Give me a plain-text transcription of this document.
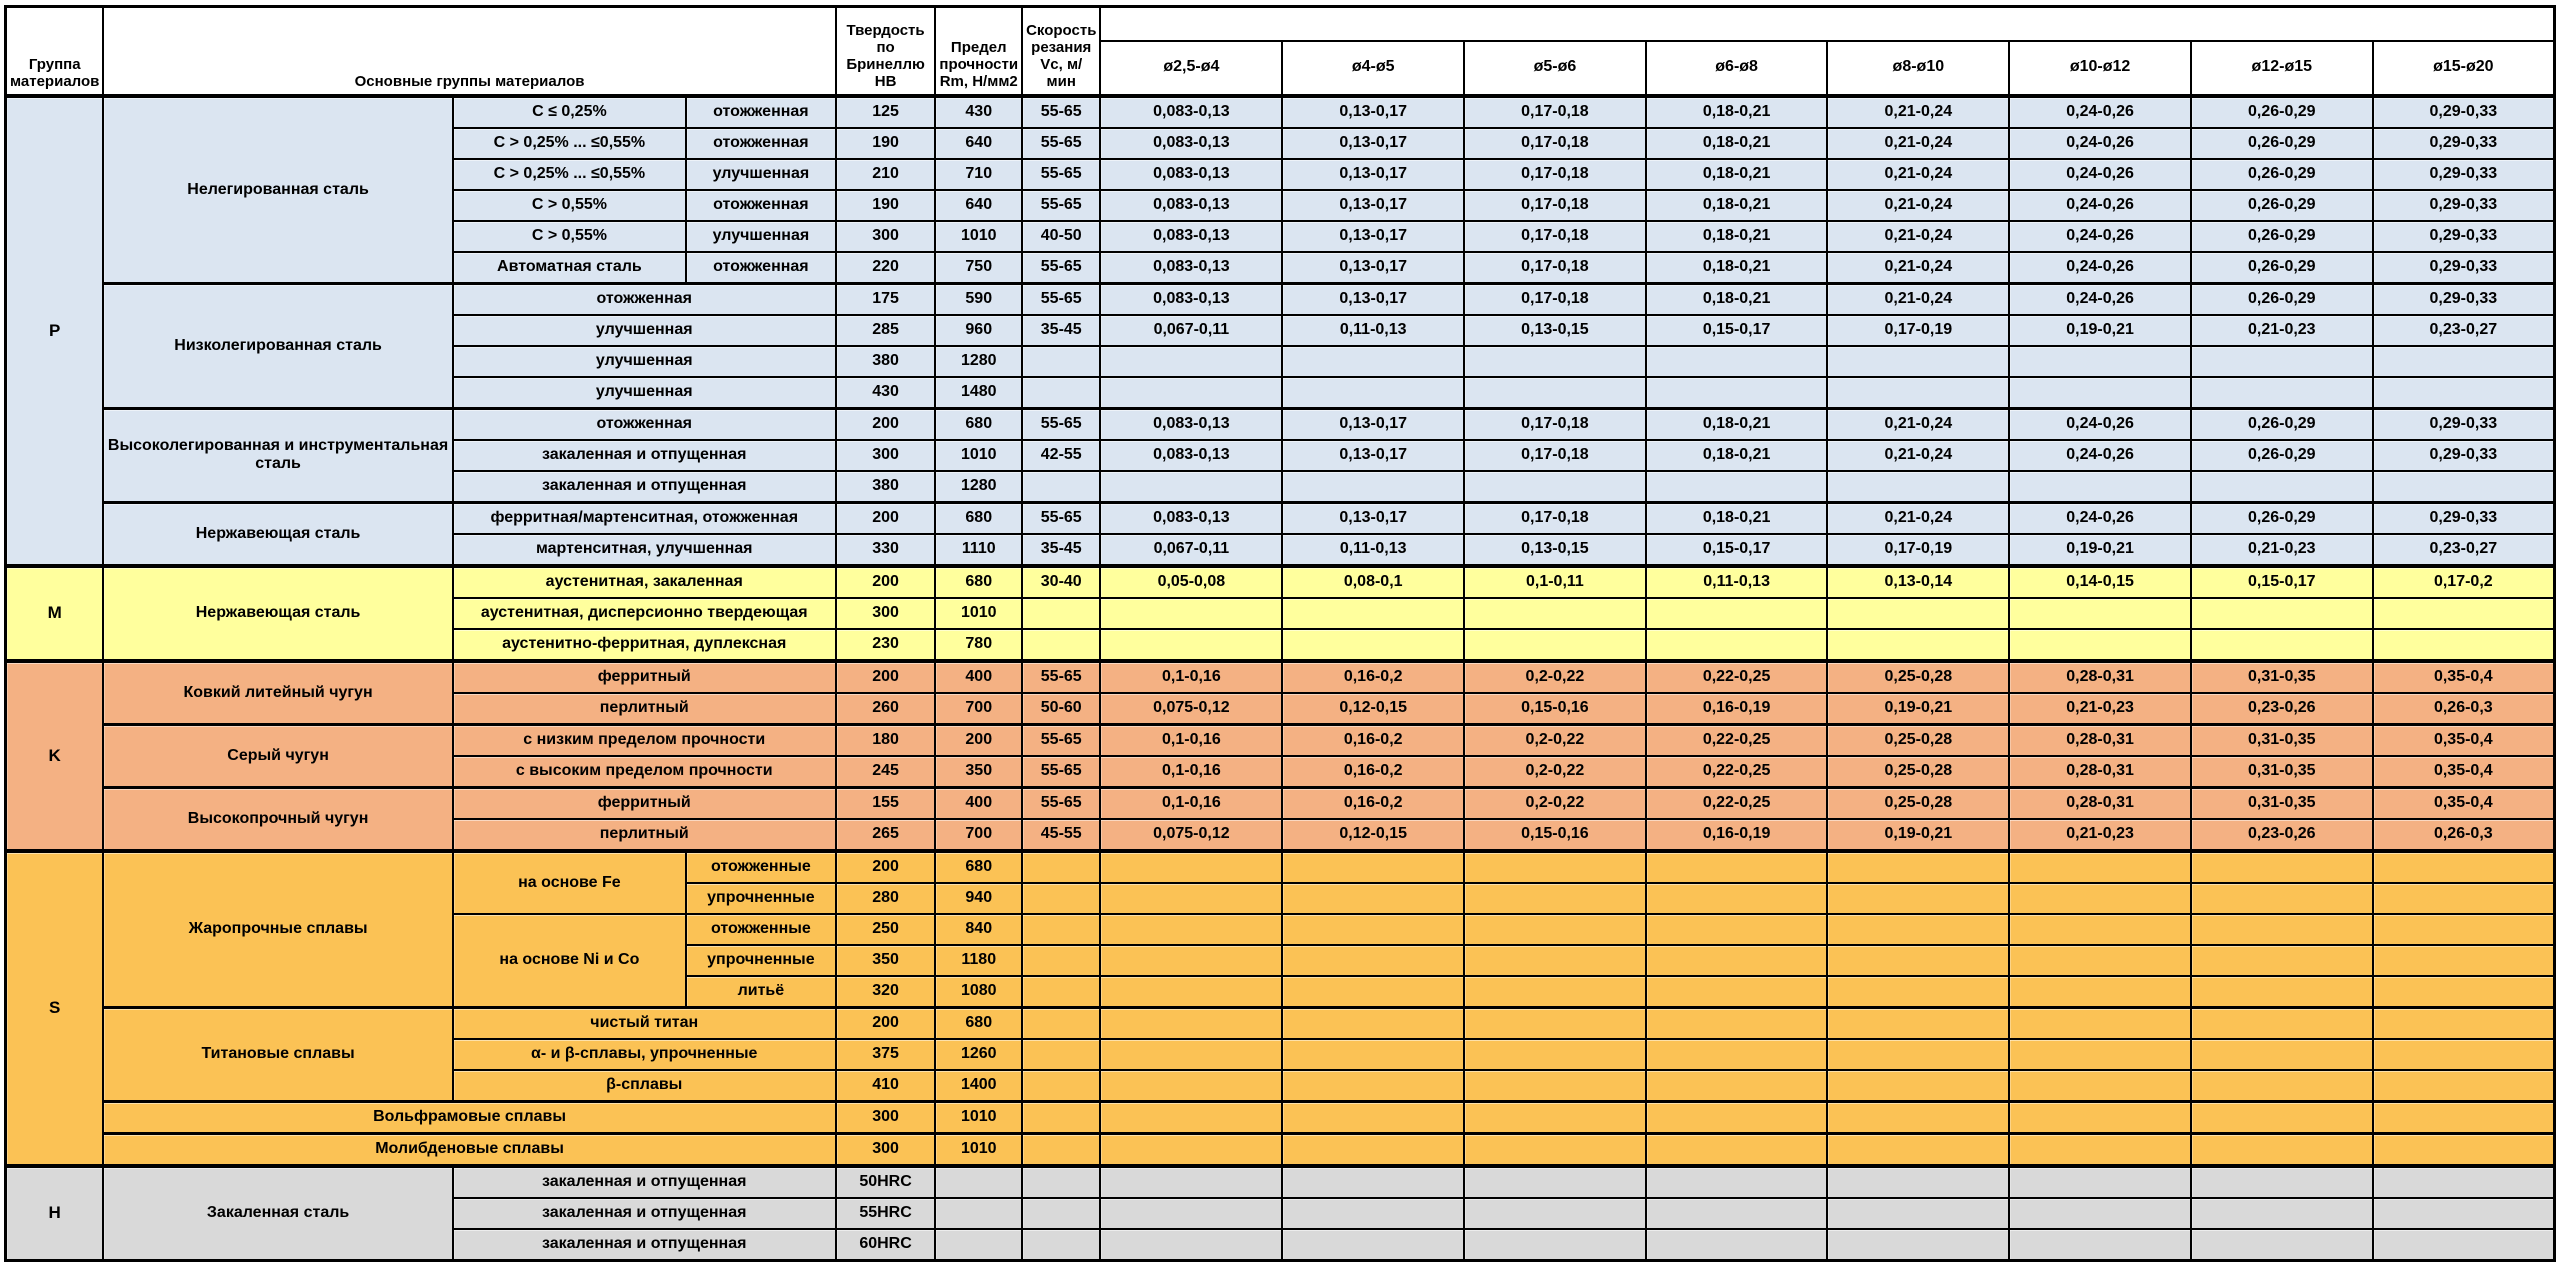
Группа материалов	Основные группы материалов			Твердость по Бринеллю HB	Предел прочности Rm, Н/мм2	Скорость резания Vc, м/мин								
							ø2,5-ø4	ø4-ø5	ø5-ø6	ø6-ø8	ø8-ø10	ø10-ø12	ø12-ø15	ø15-ø20
P	Нелегированная сталь	C ≤ 0,25%	отожженная	125	430	55-65	0,083-0,13	0,13-0,17	0,17-0,18	0,18-0,21	0,21-0,24	0,24-0,26	0,26-0,29	0,29-0,33
		C > 0,25% ... ≤0,55%	отожженная	190	640	55-65	0,083-0,13	0,13-0,17	0,17-0,18	0,18-0,21	0,21-0,24	0,24-0,26	0,26-0,29	0,29-0,33
		C > 0,25% ... ≤0,55%	улучшенная	210	710	55-65	0,083-0,13	0,13-0,17	0,17-0,18	0,18-0,21	0,21-0,24	0,24-0,26	0,26-0,29	0,29-0,33
		C > 0,55%	отожженная	190	640	55-65	0,083-0,13	0,13-0,17	0,17-0,18	0,18-0,21	0,21-0,24	0,24-0,26	0,26-0,29	0,29-0,33
		C > 0,55%	улучшенная	300	1010	40-50	0,083-0,13	0,13-0,17	0,17-0,18	0,18-0,21	0,21-0,24	0,24-0,26	0,26-0,29	0,29-0,33
		Автоматная сталь	отожженная	220	750	55-65	0,083-0,13	0,13-0,17	0,17-0,18	0,18-0,21	0,21-0,24	0,24-0,26	0,26-0,29	0,29-0,33
	Низколегированная сталь	отожженная		175	590	55-65	0,083-0,13	0,13-0,17	0,17-0,18	0,18-0,21	0,21-0,24	0,24-0,26	0,26-0,29	0,29-0,33
		улучшенная		285	960	35-45	0,067-0,11	0,11-0,13	0,13-0,15	0,15-0,17	0,17-0,19	0,19-0,21	0,21-0,23	0,23-0,27
		улучшенная		380	1280									
		улучшенная		430	1480									
	Высоколегированная и инструментальная сталь	отожженная		200	680	55-65	0,083-0,13	0,13-0,17	0,17-0,18	0,18-0,21	0,21-0,24	0,24-0,26	0,26-0,29	0,29-0,33
		закаленная и отпущенная		300	1010	42-55	0,083-0,13	0,13-0,17	0,17-0,18	0,18-0,21	0,21-0,24	0,24-0,26	0,26-0,29	0,29-0,33
		закаленная и отпущенная		380	1280									
	Нержавеющая сталь	ферритная/мартенситная, отожженная		200	680	55-65	0,083-0,13	0,13-0,17	0,17-0,18	0,18-0,21	0,21-0,24	0,24-0,26	0,26-0,29	0,29-0,33
		мартенситная, улучшенная		330	1110	35-45	0,067-0,11	0,11-0,13	0,13-0,15	0,15-0,17	0,17-0,19	0,19-0,21	0,21-0,23	0,23-0,27
M	Нержавеющая сталь	аустенитная, закаленная		200	680	30-40	0,05-0,08	0,08-0,1	0,1-0,11	0,11-0,13	0,13-0,14	0,14-0,15	0,15-0,17	0,17-0,2
		аустенитная, дисперсионно твердеющая		300	1010									
		аустенитно-ферритная, дуплексная		230	780									
K	Ковкий литейный чугун	ферритный		200	400	55-65	0,1-0,16	0,16-0,2	0,2-0,22	0,22-0,25	0,25-0,28	0,28-0,31	0,31-0,35	0,35-0,4
		перлитный		260	700	50-60	0,075-0,12	0,12-0,15	0,15-0,16	0,16-0,19	0,19-0,21	0,21-0,23	0,23-0,26	0,26-0,3
	Серый чугун	с низким пределом прочности		180	200	55-65	0,1-0,16	0,16-0,2	0,2-0,22	0,22-0,25	0,25-0,28	0,28-0,31	0,31-0,35	0,35-0,4
		с высоким пределом прочности		245	350	55-65	0,1-0,16	0,16-0,2	0,2-0,22	0,22-0,25	0,25-0,28	0,28-0,31	0,31-0,35	0,35-0,4
	Высокопрочный чугун	ферритный		155	400	55-65	0,1-0,16	0,16-0,2	0,2-0,22	0,22-0,25	0,25-0,28	0,28-0,31	0,31-0,35	0,35-0,4
		перлитный		265	700	45-55	0,075-0,12	0,12-0,15	0,15-0,16	0,16-0,19	0,19-0,21	0,21-0,23	0,23-0,26	0,26-0,3
S	Жаропрочные сплавы	на основе Fe	отожженные	200	680									
			упрочненные	280	940									
		на основе Ni и Co	отожженные	250	840									
			упрочненные	350	1180									
			литьё	320	1080									
	Титановые сплавы	чистый титан		200	680									
		α- и β-сплавы, упрочненные		375	1260									
		β-сплавы		410	1400									
	Вольфрамовые сплавы			300	1010									
	Молибденовые сплавы			300	1010									
H	Закаленная сталь	закаленная и отпущенная		50HRC										
		закаленная и отпущенная		55HRC										
		закаленная и отпущенная		60HRC										
